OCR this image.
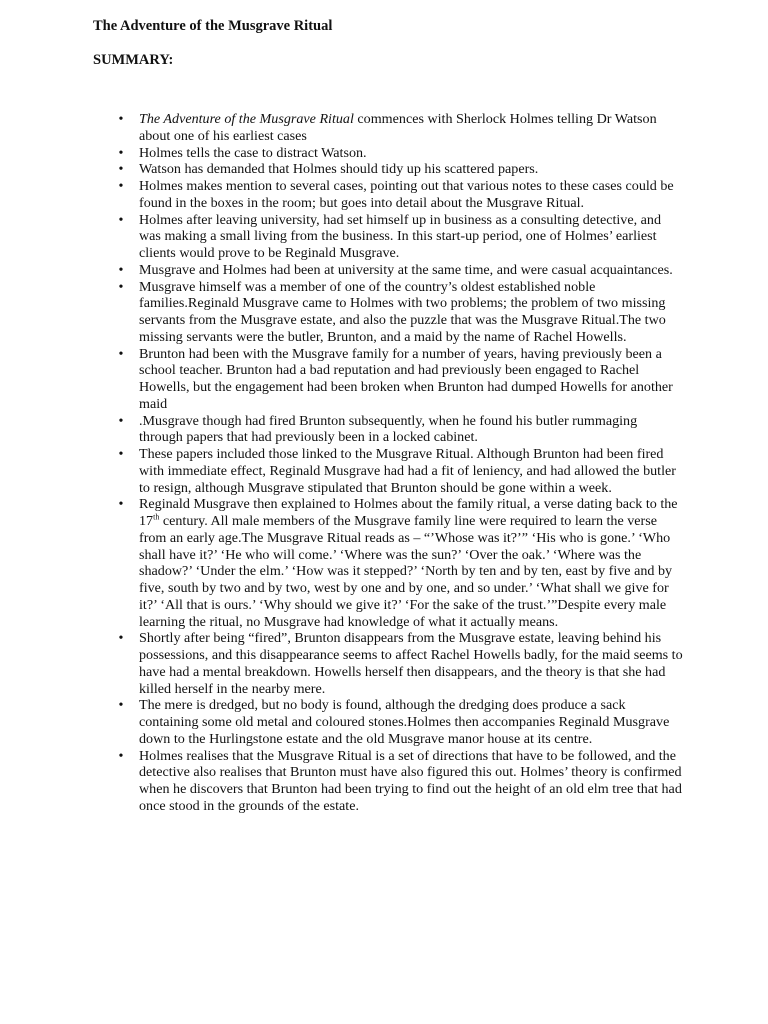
The Adventure of the Musgrave Ritual

SUMMARY:

• The Adventure of the Musgrave Ritual commences with Sherlock Holmes telling Dr Watson about one of his earliest cases
• Holmes tells the case to distract Watson.
• Watson has demanded that Holmes should tidy up his scattered papers.
• Holmes makes mention to several cases, pointing out that various notes to these cases could be found in the boxes in the room; but goes into detail about the Musgrave Ritual.
• Holmes after leaving university, had set himself up in business as a consulting detective, and was making a small living from the business. In this start-up period, one of Holmes’ earliest clients would prove to be Reginald Musgrave.
• Musgrave and Holmes had been at university at the same time, and were casual acquaintances.
• Musgrave himself was a member of one of the country’s oldest established noble families.Reginald Musgrave came to Holmes with two problems; the problem of two missing servants from the Musgrave estate, and also the puzzle that was the Musgrave Ritual.The two missing servants were the butler, Brunton, and a maid by the name of Rachel Howells.
• Brunton had been with the Musgrave family for a number of years, having previously been a school teacher. Brunton had a bad reputation and had previously been engaged to Rachel Howells, but the engagement had been broken when Brunton had dumped Howells for another maid
• .Musgrave though had fired Brunton subsequently, when he found his butler rummaging through papers that had previously been in a locked cabinet.
• These papers included those linked to the Musgrave Ritual. Although Brunton had been fired with immediate effect, Reginald Musgrave had had a fit of leniency, and had allowed the butler to resign, although Musgrave stipulated that Brunton should be gone within a week.
• Reginald Musgrave then explained to Holmes about the family ritual, a verse dating back to the 17th century. All male members of the Musgrave family line were required to learn the verse from an early age.The Musgrave Ritual reads as – “’Whose was it?’” ‘His who is gone.’ ‘Who shall have it?’ ‘He who will come.’ ‘Where was the sun?’ ‘Over the oak.’ ‘Where was the shadow?’ ‘Under the elm.’ ‘How was it stepped?’ ‘North by ten and by ten, east by five and by five, south by two and by two, west by one and by one, and so under.’ ‘What shall we give for it?’ ‘All that is ours.’ ‘Why should we give it?’ ‘For the sake of the trust.’”Despite every male learning the ritual, no Musgrave had knowledge of what it actually means.
• Shortly after being “fired”, Brunton disappears from the Musgrave estate, leaving behind his possessions, and this disappearance seems to affect Rachel Howells badly, for the maid seems to have had a mental breakdown. Howells herself then disappears, and the theory is that she had killed herself in the nearby mere.
• The mere is dredged, but no body is found, although the dredging does produce a sack containing some old metal and coloured stones.Holmes then accompanies Reginald Musgrave down to the Hurlingstone estate and the old Musgrave manor house at its centre.
• Holmes realises that the Musgrave Ritual is a set of directions that have to be followed, and the detective also realises that Brunton must have also figured this out. Holmes’ theory is confirmed when he discovers that Brunton had been trying to find out the height of an old elm tree that had once stood in the grounds of the estate.
